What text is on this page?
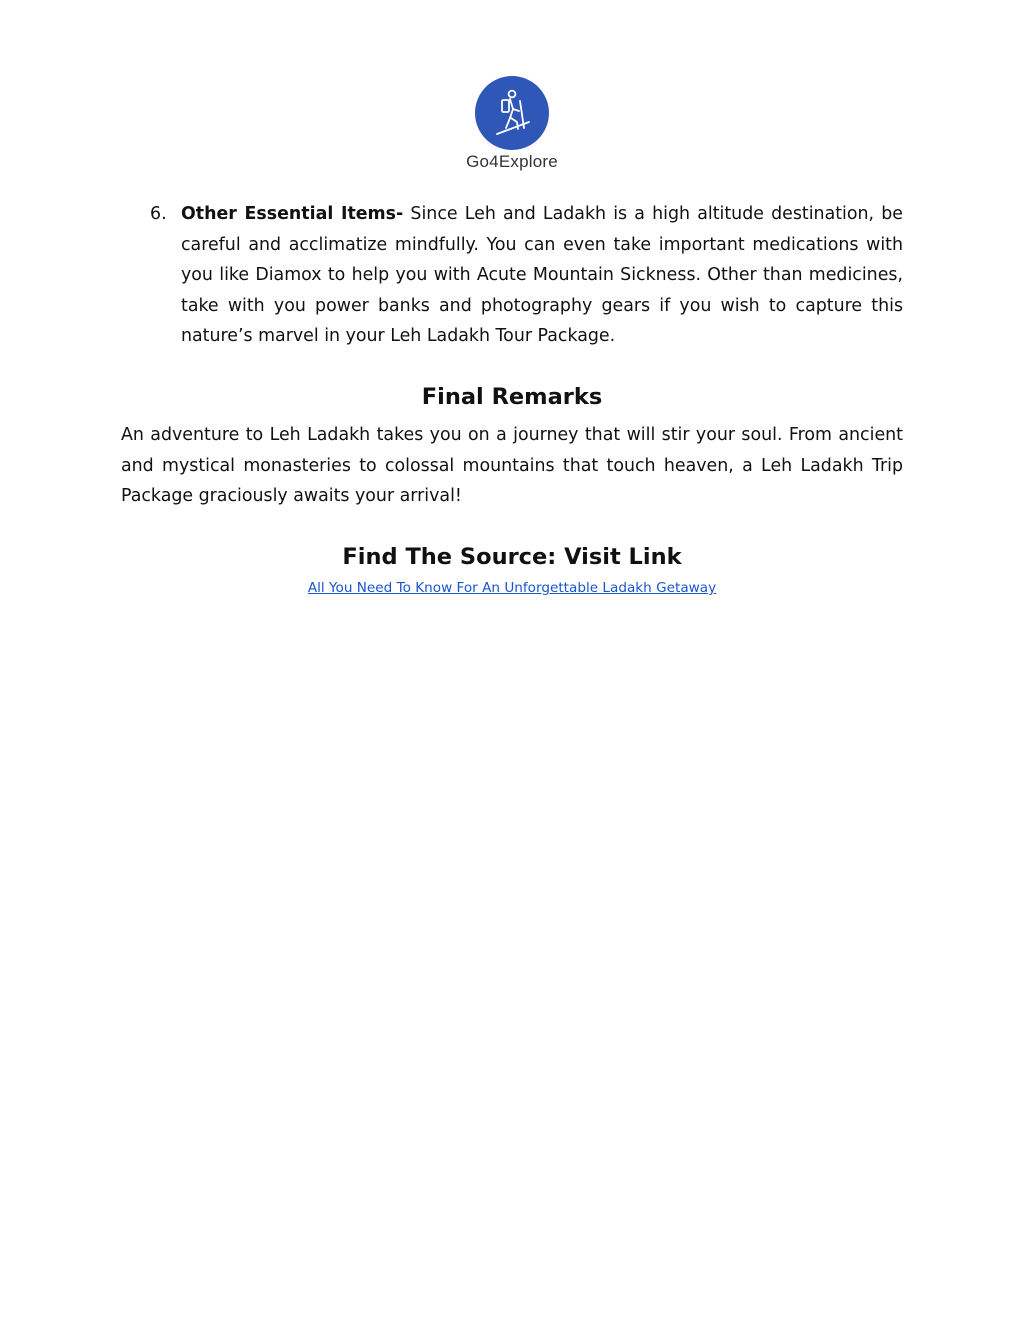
Go4Explore
6. Other Essential Items- Since Leh and Ladakh is a high altitude destination, be careful and acclimatize mindfully. You can even take important medications with you like Diamox to help you with Acute Mountain Sickness. Other than medicines, take with you power banks and photography gears if you wish to capture this nature’s marvel in your Leh Ladakh Tour Package.
Final Remarks

An adventure to Leh Ladakh takes you on a journey that will stir your soul. From ancient and mystical monasteries to colossal mountains that touch heaven, a Leh Ladakh Trip Package graciously awaits your arrival!

Find The Source: Visit Link
All You Need To Know For An Unforgettable Ladakh Getaway
